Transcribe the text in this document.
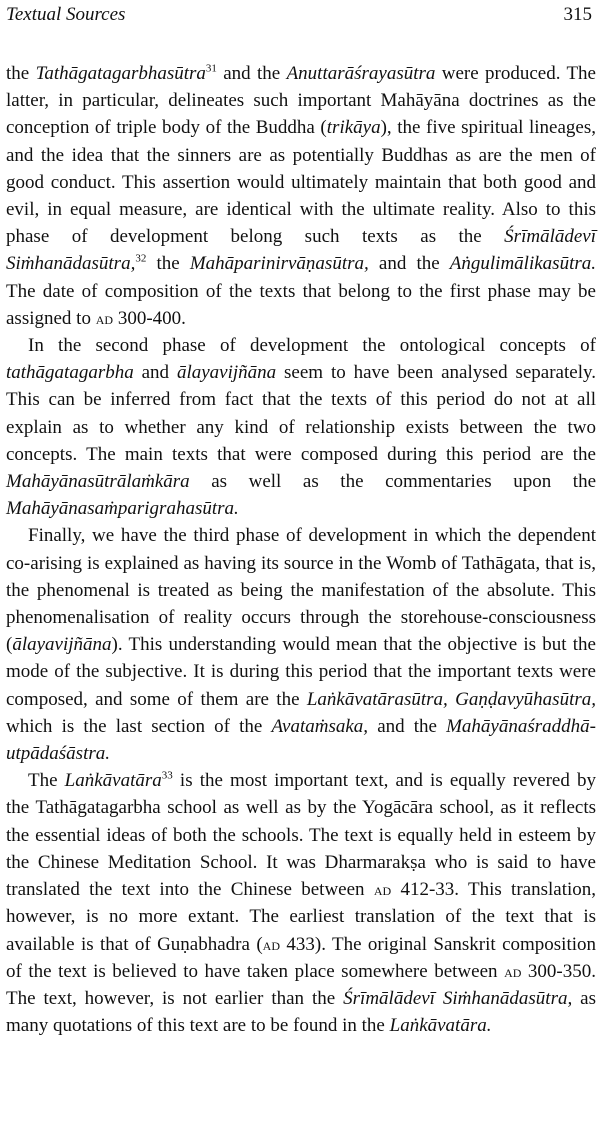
Textual Sources	315

the Tathāgatagarbhasūtra$^{31}$ and the Anuttarāśrayasūtra were produced. The latter, in particular, delineates such important Mahāyāna doctrines as the conception of triple body of the Buddha (trikāya), the five spiritual lineages, and the idea that the sinners are as potentially Buddhas as are the men of good conduct. This assertion would ultimately maintain that both good and evil, in equal measure, are identical with the ultimate reality. Also to this phase of development belong such texts as the Śrīmālādevī Siṁhanādasūtra,$^{32}$ the Mahāparinirvāṇasūtra, and the Aṅgulimālikasūtra. The date of composition of the texts that belong to the first phase may be assigned to ad 300-400.

In the second phase of development the ontological concepts of tathāgatagarbha and ālayavijñāna seem to have been analysed separately. This can be inferred from fact that the texts of this period do not at all explain as to whether any kind of relationship exists between the two concepts. The main texts that were composed during this period are the Mahāyānasūtrālaṁkāra as well as the commentaries upon the Mahāyānasaṁparigrahasūtra.

Finally, we have the third phase of development in which the dependent co-arising is explained as having its source in the Womb of Tathāgata, that is, the phenomenal is treated as being the manifestation of the absolute. This phenomenalisation of reality occurs through the storehouse-consciousness (ālayavijñāna). This understanding would mean that the objective is but the mode of the subjective. It is during this period that the important texts were composed, and some of them are the Laṅkāvatārasūtra, Gaṇḍavyūhasūtra, which is the last section of the Avataṁsaka, and the Mahāyānaśraddhā-utpādaśāstra.

The Laṅkāvatāra$^{33}$ is the most important text, and is equally revered by the Tathāgatagarbha school as well as by the Yogācāra school, as it reflects the essential ideas of both the schools. The text is equally held in esteem by the Chinese Meditation School. It was Dharmarakṣa who is said to have translated the text into the Chinese between ad 412-33. This translation, however, is no more extant. The earliest translation of the text that is available is that of Guṇabhadra (ad 433). The original Sanskrit composition of the text is believed to have taken place somewhere between ad 300-350. The text, however, is not earlier than the Śrīmālādevī Siṁhanādasūtra, as many quotations of this text are to be found in the Laṅkāvatāra.
